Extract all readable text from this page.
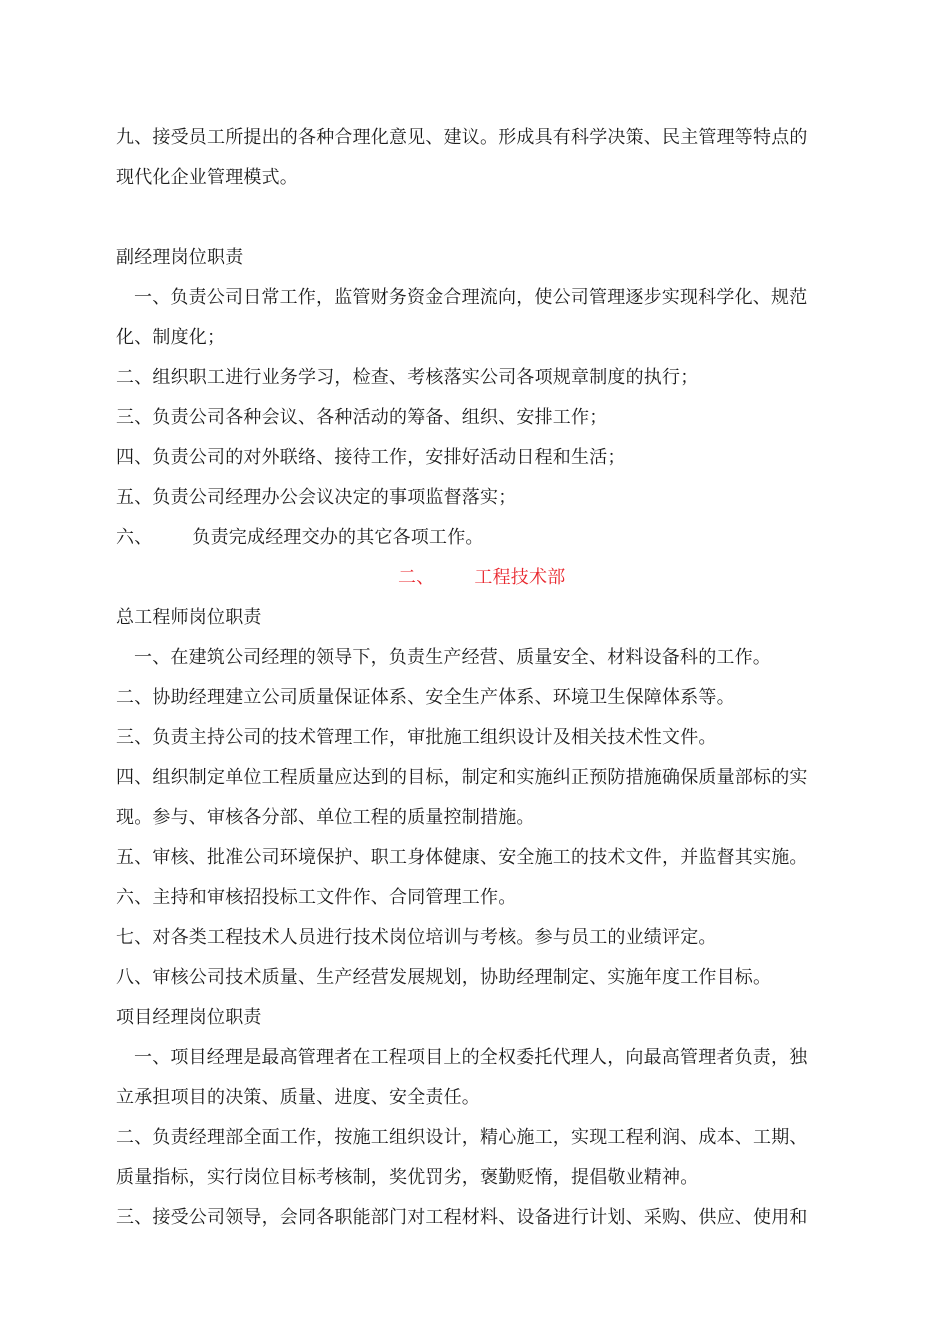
九、接受员工所提出的各种合理化意见、建议。形成具有科学决策、民主管理等特点的
现代化企业管理模式。
副经理岗位职责
一、负责公司日常工作，监管财务资金合理流向，使公司管理逐步实现科学化、规范
化、制度化；
二、组织职工进行业务学习，检查、考核落实公司各项规章制度的执行；
三、负责公司各种会议、各种活动的筹备、组织、安排工作；
四、负责公司的对外联络、接待工作，安排好活动日程和生活；
五、负责公司经理办公会议决定的事项监督落实；
六、 负责完成经理交办的其它各项工作。
二、 工程技术部
总工程师岗位职责
一、在建筑公司经理的领导下，负责生产经营、质量安全、材料设备科的工作。
二、协助经理建立公司质量保证体系、安全生产体系、环境卫生保障体系等。
三、负责主持公司的技术管理工作，审批施工组织设计及相关技术性文件。
四、组织制定单位工程质量应达到的目标，制定和实施纠正预防措施确保质量部标的实
现。参与、审核各分部、单位工程的质量控制措施。
五、审核、批准公司环境保护、职工身体健康、安全施工的技术文件，并监督其实施。
六、主持和审核招投标工文件作、合同管理工作。
七、对各类工程技术人员进行技术岗位培训与考核。参与员工的业绩评定。
八、审核公司技术质量、生产经营发展规划，协助经理制定、实施年度工作目标。
项目经理岗位职责
一、项目经理是最高管理者在工程项目上的全权委托代理人，向最高管理者负责，独
立承担项目的决策、质量、进度、安全责任。
二、负责经理部全面工作，按施工组织设计，精心施工，实现工程利润、成本、工期、
质量指标，实行岗位目标考核制，奖优罚劣，褒勤贬惰，提倡敬业精神。
三、接受公司领导，会同各职能部门对工程材料、设备进行计划、采购、供应、使用和
